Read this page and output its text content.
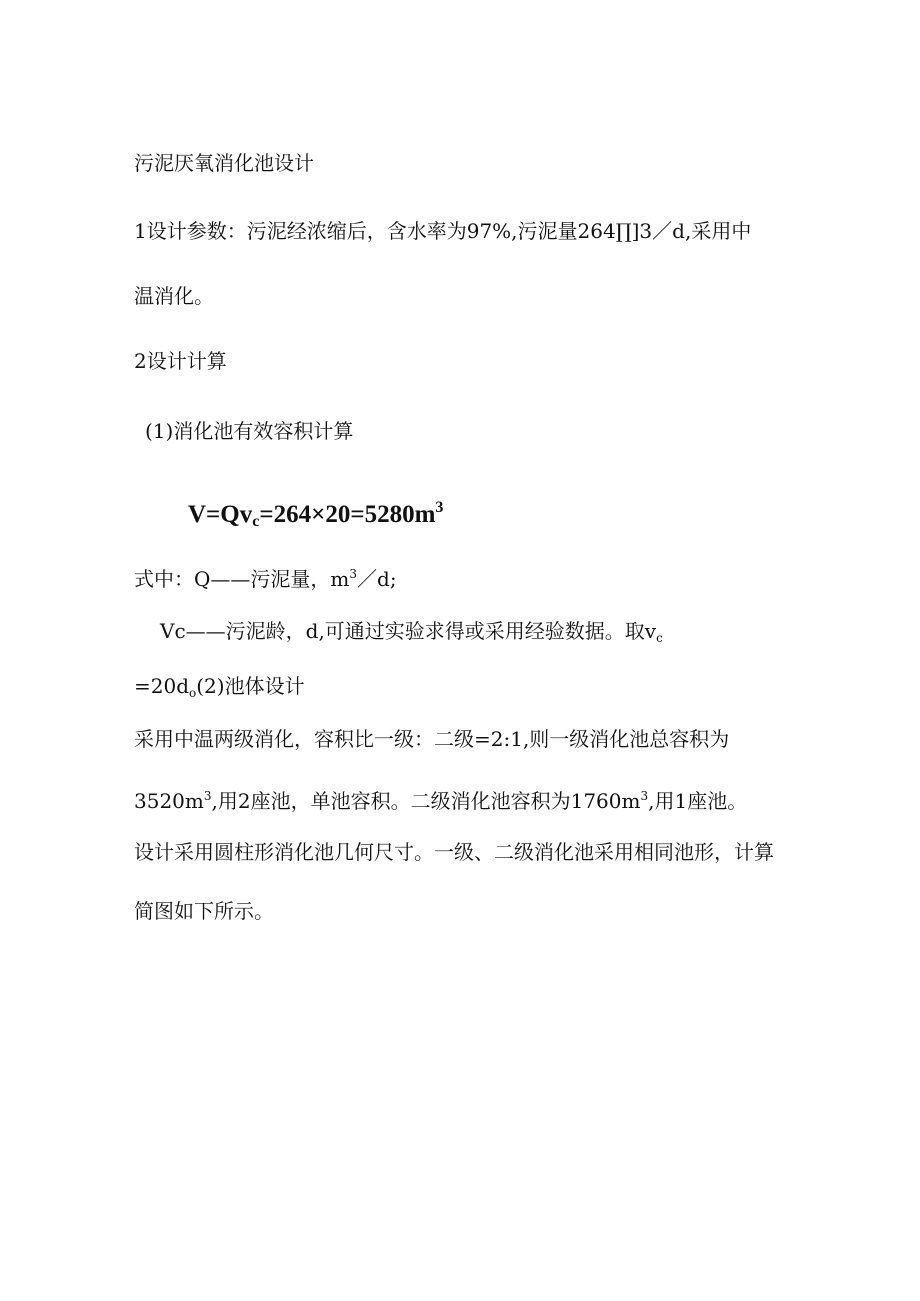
污泥厌氧消化池设计
1设计参数：污泥经浓缩后，含水率为97%,污泥量264∏]3／d,采用中
温消化。
2设计计算
(1)消化池有效容积计算
$V=Qv_c=264\times 20=5280m^3$
式中：Q——污泥量，$m^3/d$;
Vc——污泥龄，d,可通过实验求得或采用经验数据。取$v_c$
$=20d_o(2)$池体设计
采用中温两级消化，容积比一级：二级=2:1,则一级消化池总容积为
$3520m^3$,用2座池，单池容积。二级消化池容积为$1760m^3$,用1座池。
设计采用圆柱形消化池几何尺寸。一级、二级消化池采用相同池形，计算
简图如下所示。
